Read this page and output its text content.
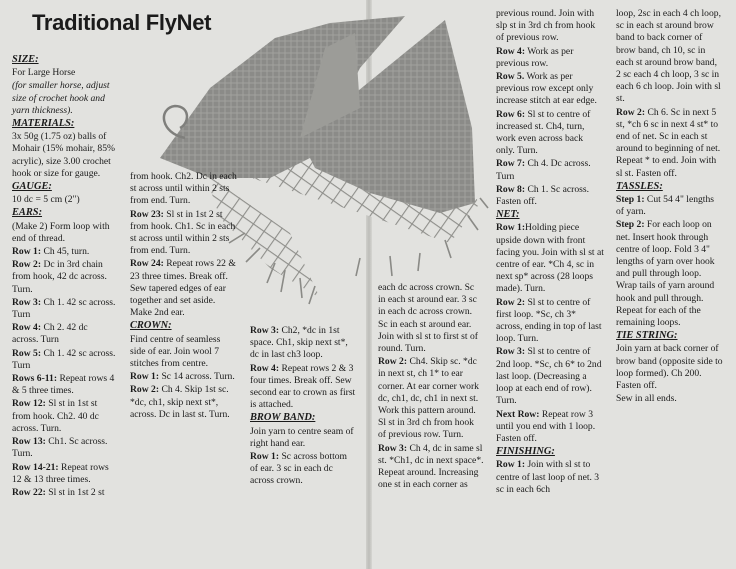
Traditional FlyNet

SIZE:

For Large Horse

(for smaller horse, adjust size of crochet hook and yarn thickness).

MATERIALS:

3x 50g (1.75 oz) balls of Mohair (15% mohair, 85% acrylic), size 3.00 crochet hook or size for gauge.

GAUGE:

10 dc = 5 cm (2")

EARS:

(Make 2) Form loop with end of thread.

Row 1: Ch 45, turn.

Row 2: Dc in 3rd chain from hook, 42 dc across. Turn.

Row 3: Ch 1. 42 sc across. Turn

Row 4: Ch 2. 42 dc across. Turn

Row 5: Ch 1. 42 sc across. Turn

Rows 6-11: Repeat rows 4 & 5 three times.

Row 12: Sl st in 1st st from hook. Ch2. 40 dc across. Turn.

Row 13: Ch1. Sc across. Turn.

Row 14-21: Repeat rows 12 & 13 three times.

Row 22: Sl st in 1st 2 st

from hook. Ch2. Dc in each st across until within 2 sts from end. Turn.

Row 23: Sl st in 1st 2 st from hook. Ch1. Sc in each st across until within 2 sts from end. Turn.

Row 24: Repeat rows 22 & 23 three times. Break off. Sew tapered edges of ear together and set aside. Make 2nd ear.

CROWN:

Find centre of seamless side of ear. Join wool 7 stitches from centre.

Row 1: Sc 14 across. Turn.

Row 2: Ch 4. Skip 1st sc. *dc, ch1, skip next st*, across. Dc in last st. Turn.

Row 3: Ch2, *dc in 1st space. Ch1, skip next st*, dc in last ch3 loop.

Row 4: Repeat rows 2 & 3 four times. Break off. Sew second ear to crown as first is attached.

BROW BAND:

Join yarn to centre seam of right hand ear.

Row 1: Sc across bottom of ear. 3 sc in each dc across crown.

each dc across crown. Sc in each st around ear. 3 sc in each dc across crown. Sc in each st around ear. Join with sl st to first st of round. Turn.

Row 2: Ch4. Skip sc. *dc in next st, ch 1* to ear corner. At ear corner work dc, ch1, dc, ch1 in next st. Work this pattern around. Sl st in 3rd ch from hook of previous row. Turn.

Row 3: Ch 4, dc in same sl st. *Ch1, dc in next space*. Repeat around. Increasing one st in each corner as

previous round. Join with slp st in 3rd ch from hook of previous row.

Row 4: Work as per previous row.

Row 5. Work as per previous row except only increase stitch at ear edge.

Row 6: Sl st to centre of increased st. Ch4, turn, work even across back only. Turn.

Row 7: Ch 4. Dc across. Turn

Row 8: Ch 1. Sc across. Fasten off.

NET:

Row 1:Holding piece upside down with front facing you. Join with sl st at centre of ear. *Ch 4, sc in next sp* across (28 loops made). Turn.

Row 2: Sl st to centre of first loop. *Sc, ch 3* across, ending in top of last loop. Turn.

Row 3: Sl st to centre of 2nd loop. *Sc, ch 6* to 2nd last loop. (Decreasing a loop at each end of row). Turn.

Next Row: Repeat row 3 until you end with 1 loop. Fasten off.

FINISHING:

Row 1: Join with sl st to centre of last loop of net. 3 sc in each 6ch

loop, 2sc in each 4 ch loop, sc in each st around brow band to back corner of brow band, ch 10, sc in each st around brow band, 2 sc each 4 ch loop, 3 sc in each 6 ch loop. Join with sl st.

Row 2: Ch 6. Sc in next 5 st, *ch 6 sc in next 4 st* to end of net. Sc in each st around to beginning of net. Repeat * to end. Join with sl st. Fasten off.

TASSLES:

Step 1: Cut 54 4" lengths of yarn.

Step 2: For each loop on net. Insert hook through centre of loop. Fold 3 4" lengths of yarn over hook and pull through loop. Wrap tails of yarn around hook and pull through. Repeat for each of the remaining loops.

TIE STRING:

Join yarn at back corner of brow band (opposite side to loop formed). Ch 200. Fasten off.

Sew in all ends.
